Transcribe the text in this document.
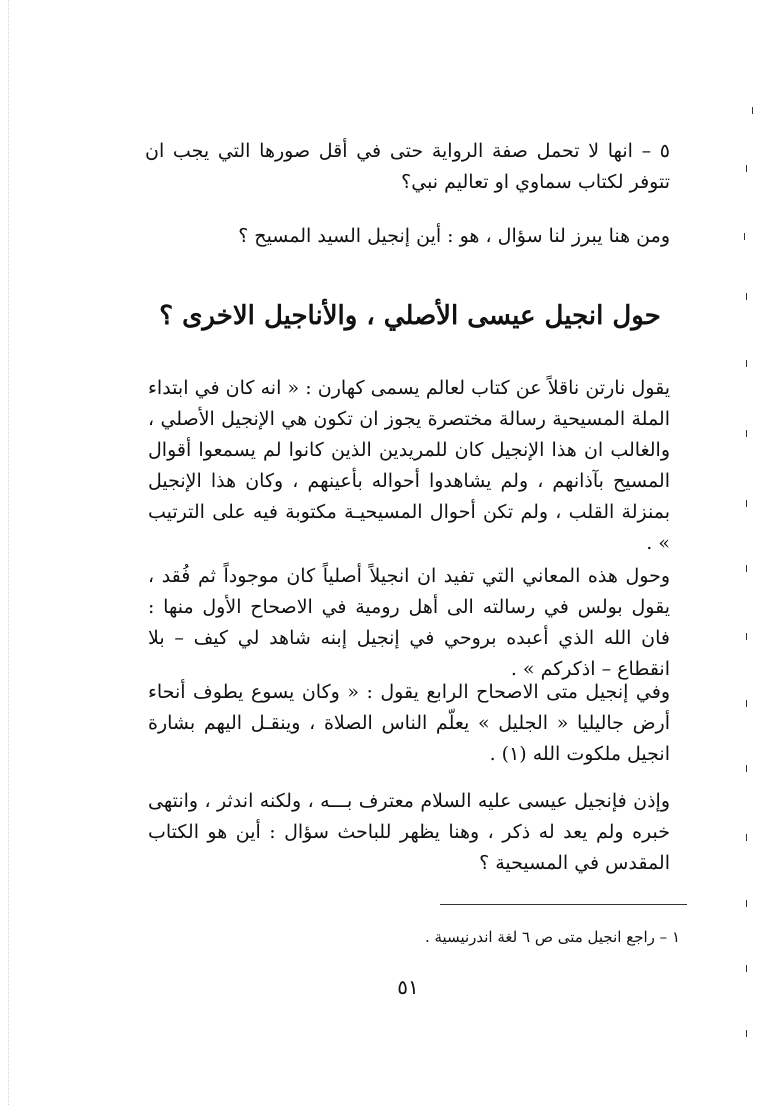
٥ – انها لا تحمل صفة الرواية حتى في أقل صورها التي يجب ان تتوفر لكتاب سماوي او تعاليم نبي؟

ومن هنا يبرز لنا سؤال ، هو : أين إنجيل السيد المسيح ؟

حول انجيل عيسى الأصلي ، والأناجيل الاخرى ؟

يقول نارتن ناقلاً عن كتاب لعالم يسمى كهارن : « انه كان في ابتداء الملة المسيحية رسالة مختصرة يجوز ان تكون هي الإنجيل الأصلي ، والغالب ان هذا الإنجيل كان للمريدين الذين كانوا لم يسمعوا أقوال المسيح بآذانهم ، ولم يشاهدوا أحواله بأعينهم ، وكان هذا الإنجيل بمنزلة القلب ، ولم تكن أحوال المسيحيـة مكتوبة فيه على الترتيب » .

وحول هذه المعاني التي تفيد ان انجيلاً أصلياً كان موجوداً ثم فُقد ، يقول بولس في رسالته الى أهل رومية في الاصحاح الأول منها : فان الله الذي أعبده بروحي في إنجيل إبنه شاهد لي كيف – بلا انقطاع – اذكركم » .

وفي إنجيل متى الاصحاح الرابع يقول : « وكان يسوع يطوف أنحاء أرض جاليليا « الجليل » يعلّم الناس الصلاة ، وينقـل اليهم بشارة انجيل ملكوت الله (١) .

وإذن فإنجيل عيسى عليه السلام معترف بـــه ، ولكنه اندثر ، وانتهى خبره ولم يعد له ذكر ، وهنا يظهر للباحث سؤال : أين هو الكتاب المقدس في المسيحية ؟

١ – راجع انجيل متى ص ٦ لغة اندرنيسية .

٥١
